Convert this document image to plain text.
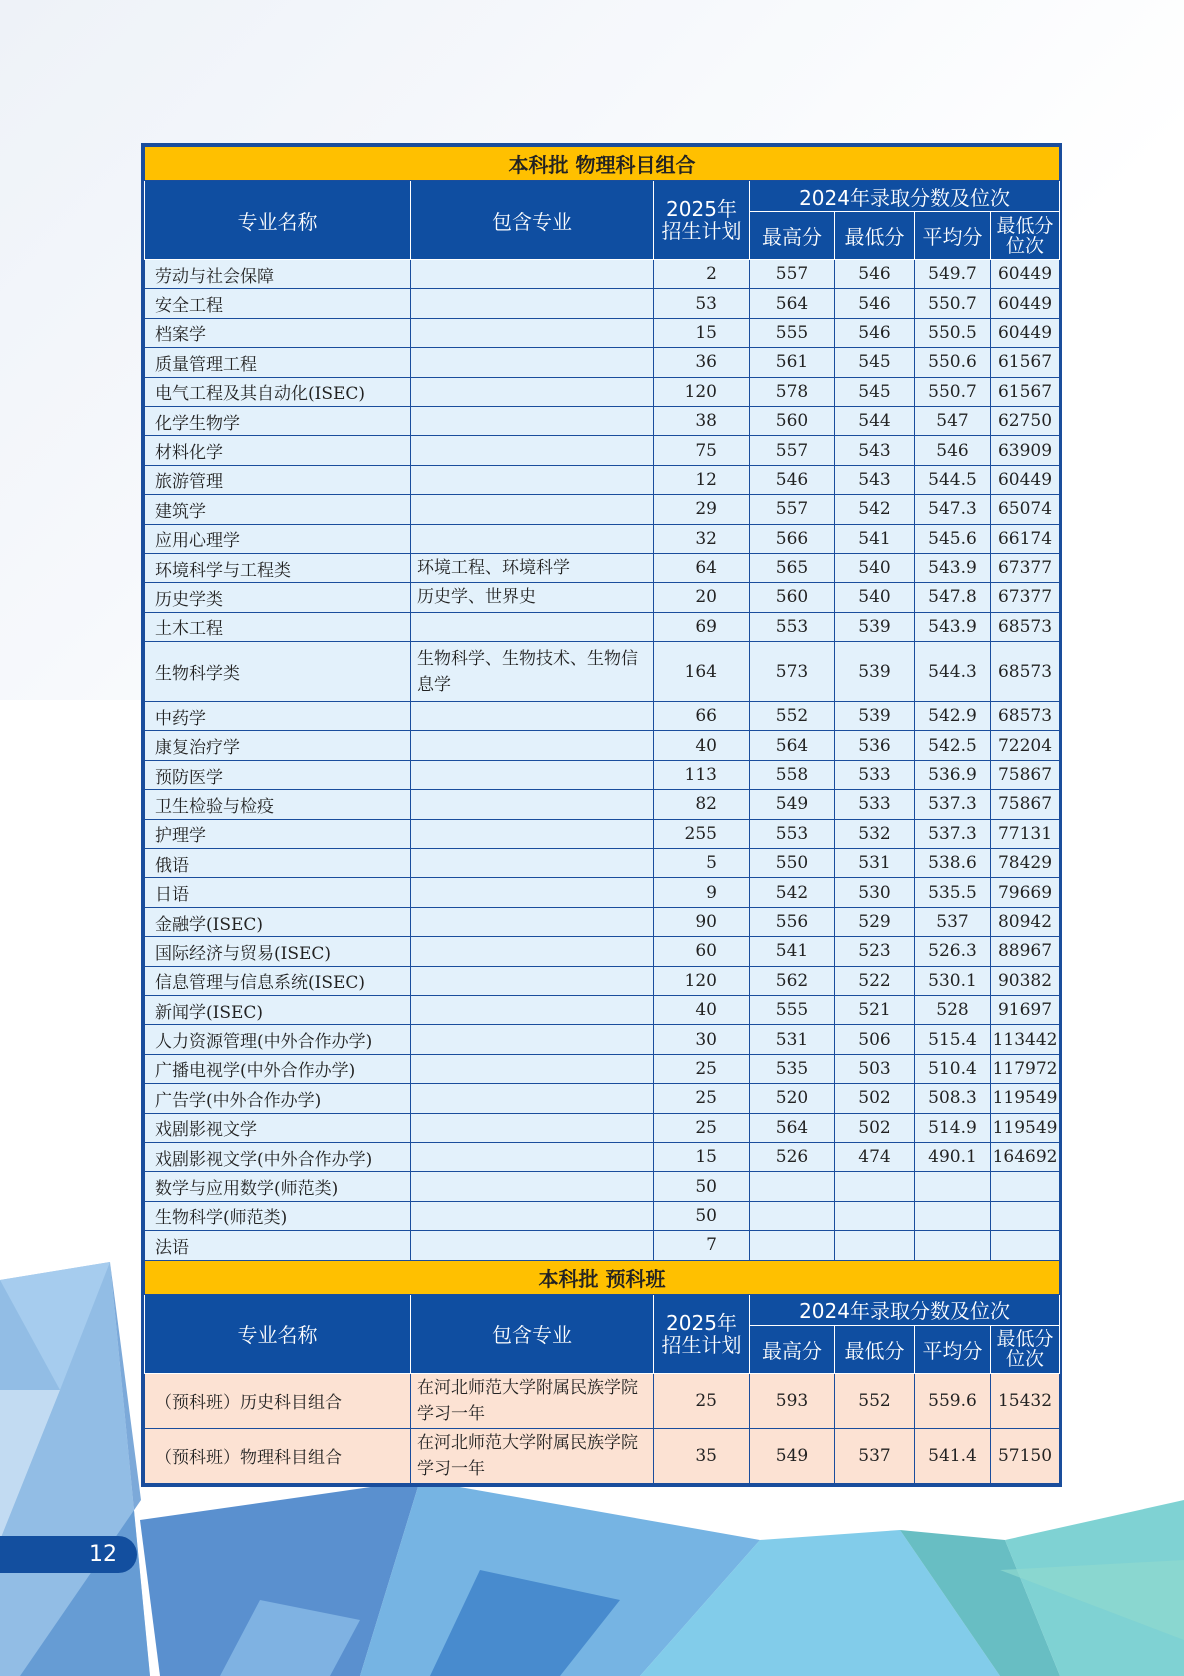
本科批 物理科目组合						
专业名称	包含专业	2025年
招生计划	2024年录取分数及位次			
			最高分	最低分	平均分	最低分
位次
劳动与社会保障		2	557	546	549.7	60449
安全工程		53	564	546	550.7	60449
档案学		15	555	546	550.5	60449
质量管理工程		36	561	545	550.6	61567
电气工程及其自动化(ISEC)		120	578	545	550.7	61567
化学生物学		38	560	544	547	62750
材料化学		75	557	543	546	63909
旅游管理		12	546	543	544.5	60449
建筑学		29	557	542	547.3	65074
应用心理学		32	566	541	545.6	66174
环境科学与工程类	环境工程、环境科学	64	565	540	543.9	67377
历史学类	历史学、世界史	20	560	540	547.8	67377
土木工程		69	553	539	543.9	68573
生物科学类	生物科学、生物技术、生物信息学	164	573	539	544.3	68573
中药学		66	552	539	542.9	68573
康复治疗学		40	564	536	542.5	72204
预防医学		113	558	533	536.9	75867
卫生检验与检疫		82	549	533	537.3	75867
护理学		255	553	532	537.3	77131
俄语		5	550	531	538.6	78429
日语		9	542	530	535.5	79669
金融学(ISEC)		90	556	529	537	80942
国际经济与贸易(ISEC)		60	541	523	526.3	88967
信息管理与信息系统(ISEC)		120	562	522	530.1	90382
新闻学(ISEC)		40	555	521	528	91697
人力资源管理(中外合作办学)		30	531	506	515.4	113442
广播电视学(中外合作办学)		25	535	503	510.4	117972
广告学(中外合作办学)		25	520	502	508.3	119549
戏剧影视文学		25	564	502	514.9	119549
戏剧影视文学(中外合作办学)		15	526	474	490.1	164692
数学与应用数学(师范类)		50				
生物科学(师范类)		50				
法语		7				
本科批 预科班						
专业名称	包含专业	2025年
招生计划	2024年录取分数及位次			
			最高分	最低分	平均分	最低分
位次
（预科班）历史科目组合	在河北师范大学附属民族学院学习一年	25	593	552	559.6	15432
（预科班）物理科目组合	在河北师范大学附属民族学院学习一年	35	549	537	541.4	57150
12
